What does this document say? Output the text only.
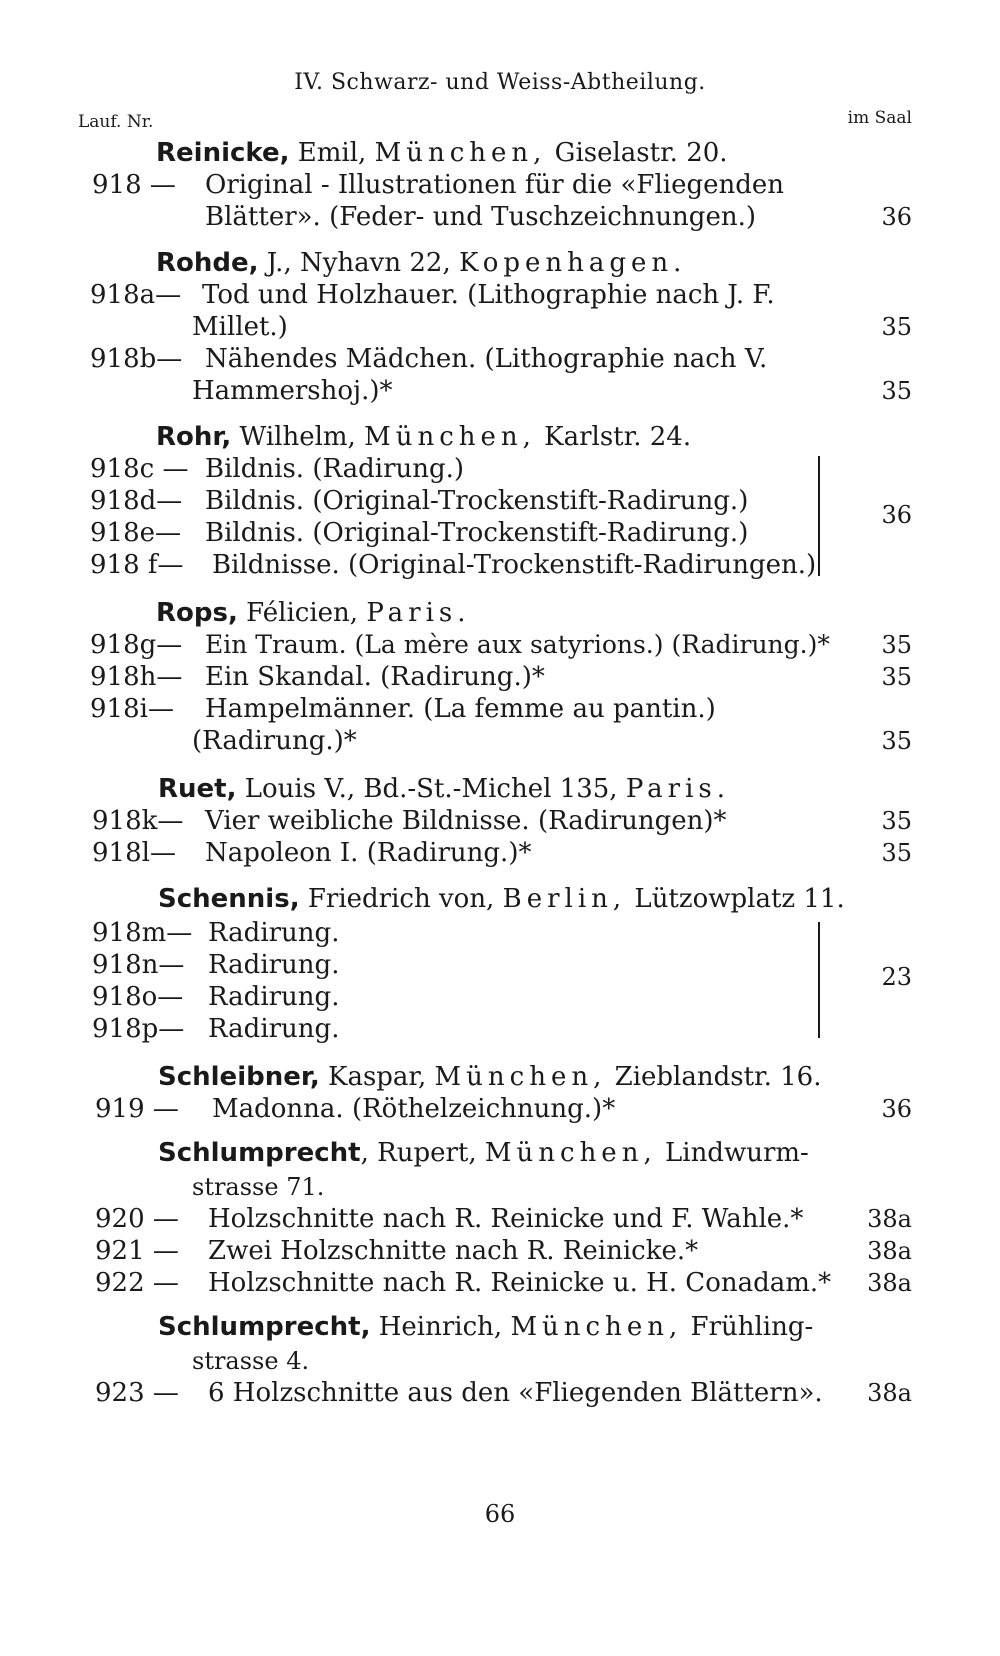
IV. Schwarz- und Weiss-Abtheilung.
Lauf. Nr.	im Saal
Reinicke, Emil, München, Giselastr. 20.
918 — Original - Illustrationen für die «Fliegenden
Blätter». (Feder- und Tuschzeichnungen.)	36
Rohde, J., Nyhavn 22, Kopenhagen.
918a— Tod und Holzhauer. (Lithographie nach J. F.
Millet.)	35
918b— Nähendes Mädchen. (Lithographie nach V.
Hammershoj.)*	35
Rohr, Wilhelm, München, Karlstr. 24.
918c — Bildnis. (Radirung.)
918d— Bildnis. (Original-Trockenstift-Radirung.)
918e— Bildnis. (Original-Trockenstift-Radirung.)
918 f— Bildnisse. (Original-Trockenstift-Radirungen.)
36
Rops, Félicien, Paris.
918g— Ein Traum. (La mère aux satyrions.) (Radirung.)* 35
918h— Ein Skandal. (Radirung.)*	35
918i— Hampelmänner. (La femme au pantin.)
(Radirung.)*	35
Ruet, Louis V., Bd.-St.-Michel 135, Paris.
918k— Vier weibliche Bildnisse. (Radirungen)*	35
918l— Napoleon I. (Radirung.)*	35
Schennis, Friedrich von, Berlin, Lützowplatz 11.
918m— Radirung.
918n— Radirung.
918o— Radirung.
918p— Radirung.
23
Schleibner, Kaspar, München, Zieblandstr. 16.
919 — Madonna. (Röthelzeichnung.)*	36
Schlumprecht, Rupert, München, Lindwurm-
strasse 71.
920 — Holzschnitte nach R. Reinicke und F. Wahle.*	38a
921 — Zwei Holzschnitte nach R. Reinicke.*	38a
922 — Holzschnitte nach R. Reinicke u. H. Conadam.* 38a
Schlumprecht, Heinrich, München, Frühling-
strasse 4.
923 — 6 Holzschnitte aus den «Fliegenden Blättern». 38a
66
